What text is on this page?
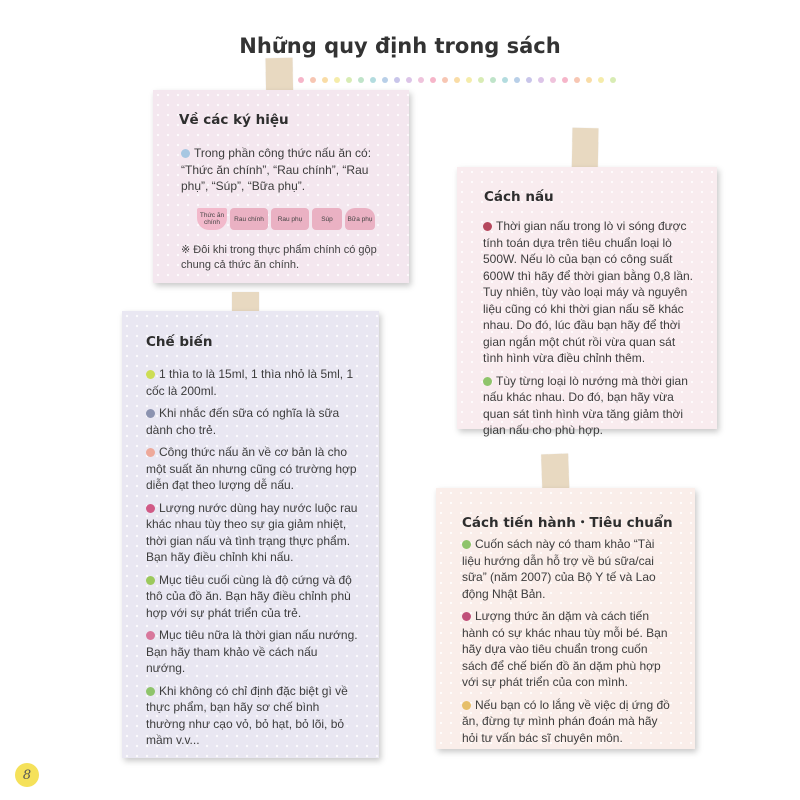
Những quy định trong sách
Về các ký hiệu

Trong phần công thức nấu ăn có: “Thức ăn chính”, “Rau chính”, “Rau phụ”, “Súp”, “Bữa phụ”.

Thức ăn chính	Rau chính	Rau phụ	Súp	Bữa phụ
※ Đôi khi trong thực phẩm chính có gộp chung cả thức ăn chính.
Cách nấu

Thời gian nấu trong lò vi sóng được tính toán dựa trên tiêu chuẩn loại lò 500W. Nếu lò của bạn có công suất 600W thì hãy để thời gian bằng 0,8 lần. Tuy nhiên, tùy vào loại máy và nguyên liệu cũng có khi thời gian nấu sẽ khác nhau. Do đó, lúc đầu bạn hãy để thời gian ngắn một chút rồi vừa quan sát tình hình vừa điều chỉnh thêm.

Tùy từng loại lò nướng mà thời gian nấu khác nhau. Do đó, bạn hãy vừa quan sát tình hình vừa tăng giảm thời gian nấu cho phù hợp.

Chế biến

1 thìa to là 15ml, 1 thìa nhỏ là 5ml, 1 cốc là 200ml.

Khi nhắc đến sữa có nghĩa là sữa dành cho trẻ.

Công thức nấu ăn về cơ bản là cho một suất ăn nhưng cũng có trường hợp diễn đạt theo lượng dễ nấu.

Lượng nước dùng hay nước luộc rau khác nhau tùy theo sự gia giảm nhiệt, thời gian nấu và tình trạng thực phẩm. Bạn hãy điều chỉnh khi nấu.

Mục tiêu cuối cùng là độ cứng và độ thô của đồ ăn. Bạn hãy điều chỉnh phù hợp với sự phát triển của trẻ.

Mục tiêu nữa là thời gian nấu nướng. Bạn hãy tham khảo về cách nấu nướng.

Khi không có chỉ định đặc biệt gì về thực phẩm, bạn hãy sơ chế bình thường như cạo vỏ, bỏ hạt, bỏ lõi, bỏ mầm v.v...

Cách tiến hành・Tiêu chuẩn

Cuốn sách này có tham khảo “Tài liệu hướng dẫn hỗ trợ về bú sữa/cai sữa” (năm 2007) của Bộ Y tế và Lao động Nhật Bản.

Lượng thức ăn dặm và cách tiến hành có sự khác nhau tùy mỗi bé. Bạn hãy dựa vào tiêu chuẩn trong cuốn sách để chế biến đồ ăn dặm phù hợp với sự phát triển của con mình.

Nếu bạn có lo lắng về việc dị ứng đồ ăn, đừng tự mình phán đoán mà hãy hỏi tư vấn bác sĩ chuyên môn.

8
